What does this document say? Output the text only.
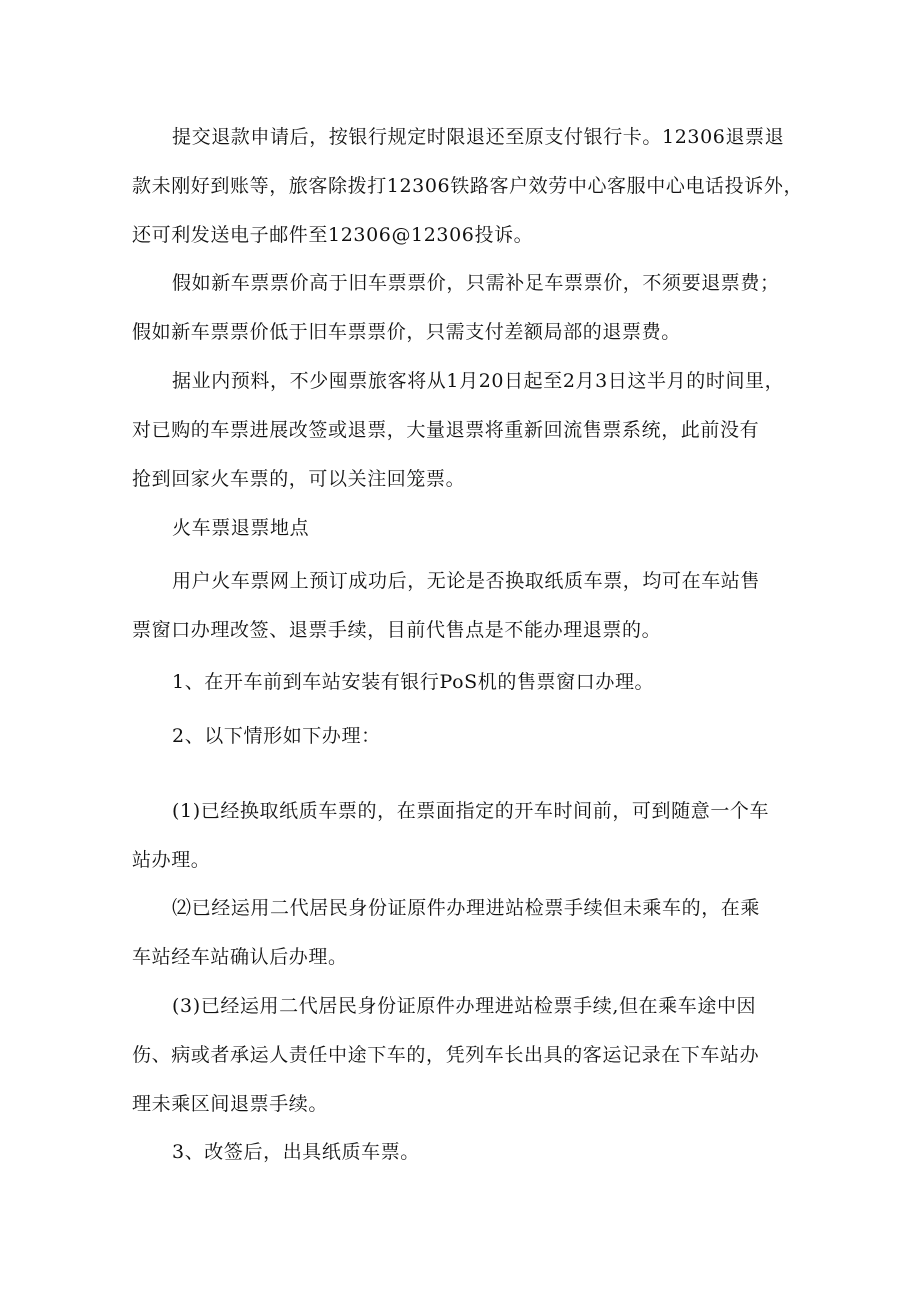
提交退款申请后，按银行规定时限退还至原支付银行卡。12306退票退
款未刚好到账等，旅客除拨打12306铁路客户效劳中心客服中心电话投诉外，
还可利发送电子邮件至12306@12306投诉。
假如新车票票价高于旧车票票价，只需补足车票票价，不须要退票费；
假如新车票票价低于旧车票票价，只需支付差额局部的退票费。
据业内预料，不少囤票旅客将从1月20日起至2月3日这半月的时间里，
对已购的车票进展改签或退票，大量退票将重新回流售票系统，此前没有
抢到回家火车票的，可以关注回笼票。
火车票退票地点
用户火车票网上预订成功后，无论是否换取纸质车票，均可在车站售
票窗口办理改签、退票手续，目前代售点是不能办理退票的。
1、在开车前到车站安装有银行PoS机的售票窗口办理。
2、以下情形如下办理：
(1)已经换取纸质车票的，在票面指定的开车时间前，可到随意一个车
站办理。
⑵已经运用二代居民身份证原件办理进站检票手续但未乘车的，在乘
车站经车站确认后办理。
(3)已经运用二代居民身份证原件办理进站检票手续,但在乘车途中因
伤、病或者承运人责任中途下车的，凭列车长出具的客运记录在下车站办
理未乘区间退票手续。
3、改签后，出具纸质车票。
